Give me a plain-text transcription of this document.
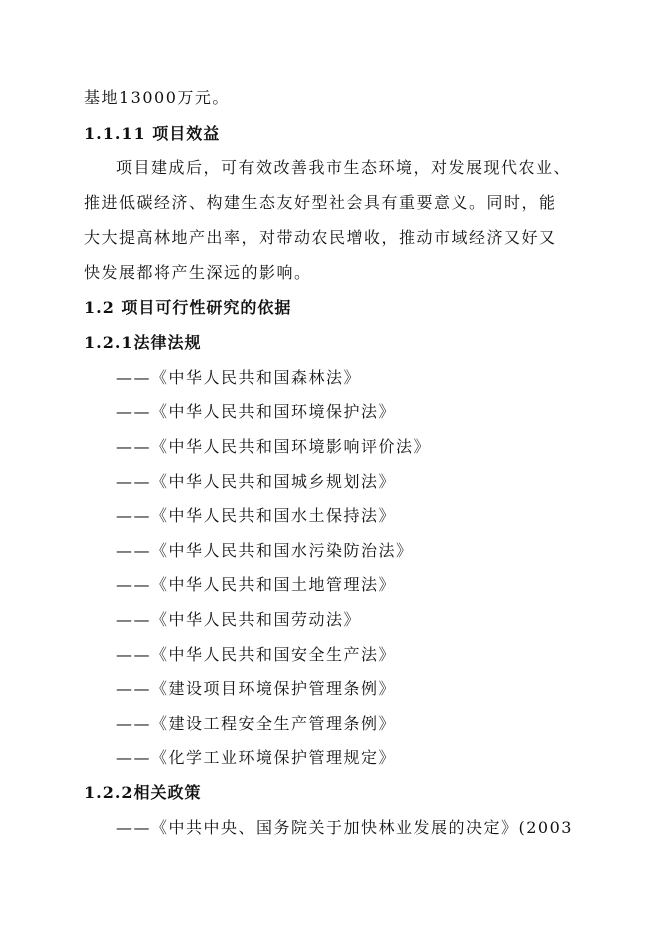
基地13000万元。
1.1.11 项目效益
项目建成后，可有效改善我市生态环境，对发展现代农业、
推进低碳经济、构建生态友好型社会具有重要意义。同时，能
大大提高林地产出率，对带动农民增收，推动市域经济又好又
快发展都将产生深远的影响。
1.2 项目可行性研究的依据
1.2.1法律法规
——《中华人民共和国森林法》
——《中华人民共和国环境保护法》
——《中华人民共和国环境影响评价法》
——《中华人民共和国城乡规划法》
——《中华人民共和国水土保持法》
——《中华人民共和国水污染防治法》
——《中华人民共和国土地管理法》
——《中华人民共和国劳动法》
——《中华人民共和国安全生产法》
——《建设项目环境保护管理条例》
——《建设工程安全生产管理条例》
——《化学工业环境保护管理规定》
1.2.2相关政策
——《中共中央、国务院关于加快林业发展的决定》(2003
